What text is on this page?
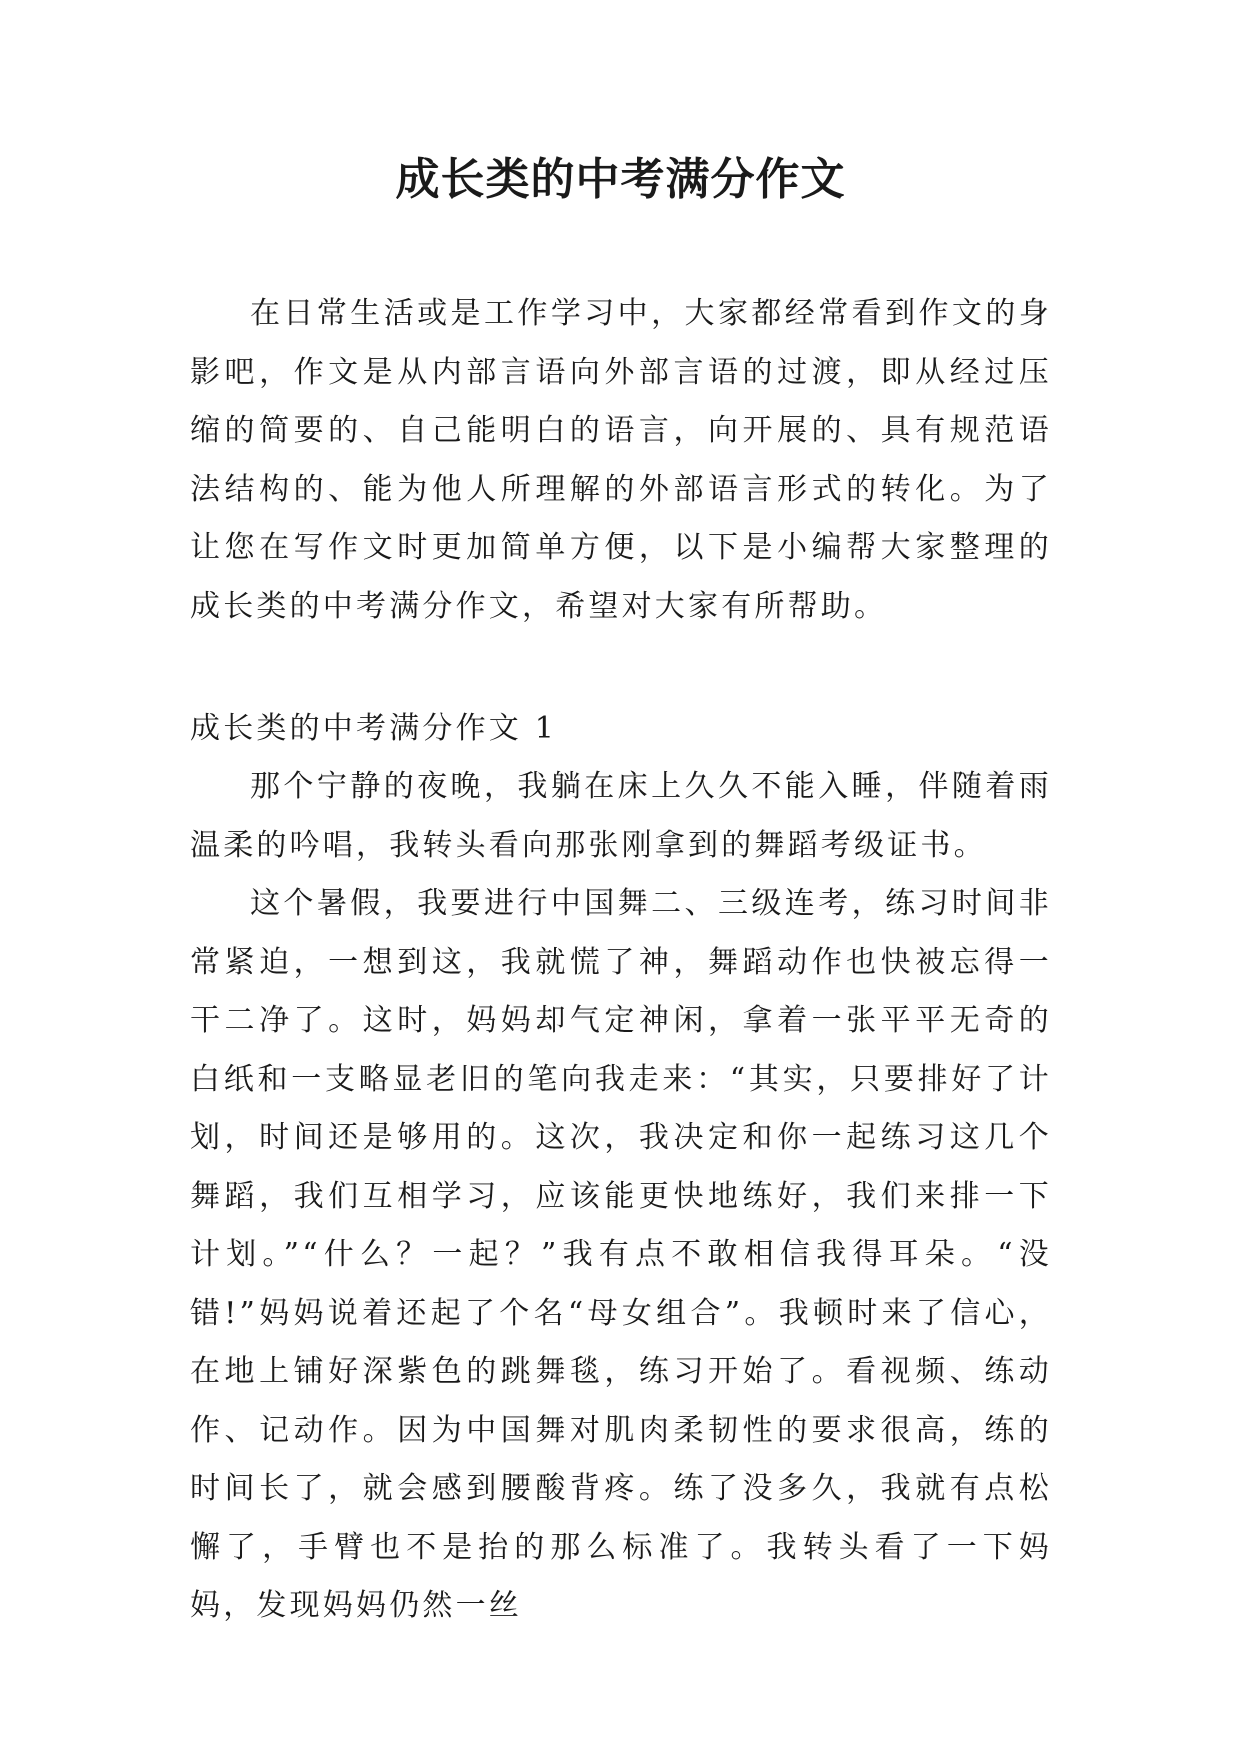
成长类的中考满分作文

在日常生活或是工作学习中，大家都经常看到作文的身影吧，作文是从内部言语向外部言语的过渡，即从经过压缩的简要的、自己能明白的语言，向开展的、具有规范语法结构的、能为他人所理解的外部语言形式的转化。为了让您在写作文时更加简单方便，以下是小编帮大家整理的成长类的中考满分作文，希望对大家有所帮助。

成长类的中考满分作文 1

那个宁静的夜晚，我躺在床上久久不能入睡，伴随着雨温柔的吟唱，我转头看向那张刚拿到的舞蹈考级证书。

这个暑假，我要进行中国舞二、三级连考，练习时间非常紧迫，一想到这，我就慌了神，舞蹈动作也快被忘得一干二净了。这时，妈妈却气定神闲，拿着一张平平无奇的白纸和一支略显老旧的笔向我走来：“其实，只要排好了计划，时间还是够用的。这次，我决定和你一起练习这几个舞蹈，我们互相学习，应该能更快地练好，我们来排一下计划。”“什么？一起？”我有点不敢相信我得耳朵。“没错!”妈妈说着还起了个名“母女组合”。我顿时来了信心，在地上铺好深紫色的跳舞毯，练习开始了。看视频、练动作、记动作。因为中国舞对肌肉柔韧性的要求很高，练的时间长了，就会感到腰酸背疼。练了没多久，我就有点松懈了，手臂也不是抬的那么标准了。我转头看了一下妈妈，发现妈妈仍然一丝
